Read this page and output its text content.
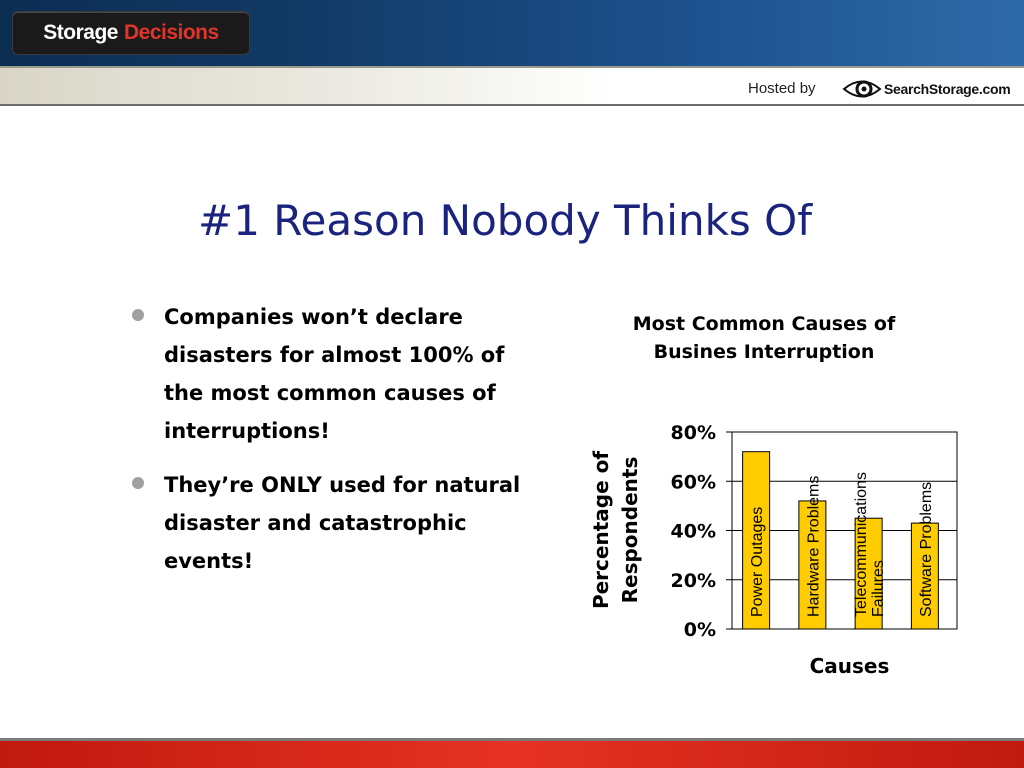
Storage Decisions
Hosted by	SearchStorage.com
#1 Reason Nobody Thinks Of
Companies won’t declare disasters for almost 100% of the most common causes of interruptions!
They’re ONLY used for natural disaster and catastrophic events!
Most Common Causes of Busines Interruption
0%
20%
40%
60%
80%
Power Outages Hardware Problems Telecommunications Failures Software Problems
Percentage of Respondents
Causes
